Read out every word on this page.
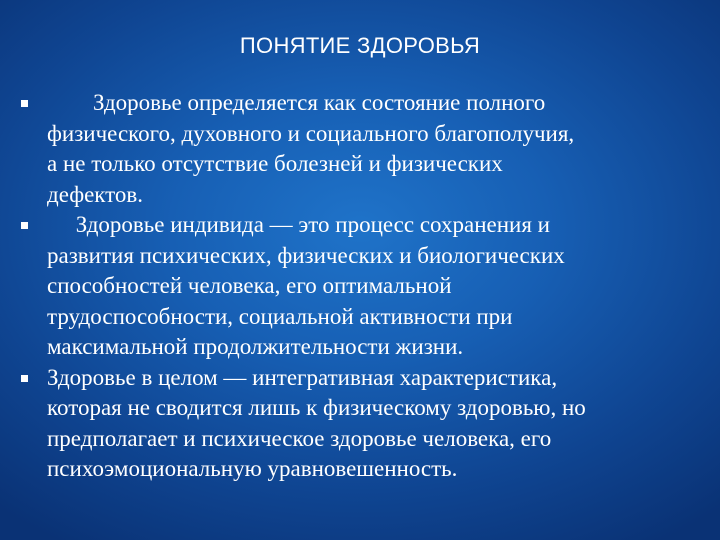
ПОНЯТИЕ ЗДОРОВЬЯ
Здоровье определяется как состояние полного
физического, духовного и социального благополучия,
а не только отсутствие болезней и физических
дефектов.
Здоровье индивида — это процесс сохранения и
развития психических, физических и биологических
способностей человека, его оптимальной
трудоспособности, социальной активности при
максимальной продолжительности жизни.
Здоровье в целом — интегративная характеристика,
которая не сводится лишь к физическому здоровью, но
предполагает и психическое здоровье человека, его
психоэмоциональную уравновешенность.
